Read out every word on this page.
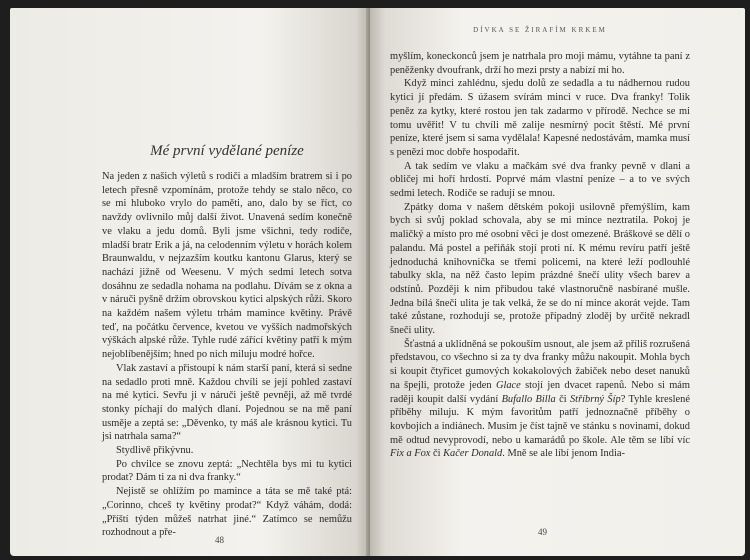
Mé první vydělané peníze

Na jeden z našich výletů s rodiči a mladším bratrem si i po letech přesně vzpomínám, protože tehdy se stalo něco, co se mi hluboko vrylo do paměti, ano, dalo by se říct, co navždy ovlivnilo můj další život. Unavená sedím konečně ve vlaku a jedu domů. Byli jsme všichni, tedy rodiče, mladší bratr Erik a já, na celodenním výletu v horách kolem Braunwaldu, v nejzazším koutku kantonu Glarus, který se nachází jižně od Weesenu. V mých sedmi letech sotva dosáhnu ze sedadla nohama na podlahu. Dívám se z okna a v náruči pyšně držím obrovskou kytici alpských růží. Skoro na každém našem výletu trhám mamince květiny. Právě teď, na počátku července, kvetou ve vyšších nadmořských výškách alpské růže. Tyhle rudé zářící květiny patří k mým nejoblíbenějším; hned po nich miluju modré hořce.

Vlak zastaví a přistoupí k nám starší paní, která si sedne na sedadlo proti mně. Každou chvíli se její pohled zastaví na mé kytici. Sevřu ji v náruči ještě pevněji, až mě tvrdé stonky píchají do malých dlaní. Pojednou se na mě paní usměje a zeptá se: „Děvenko, ty máš ale krásnou kytici. Tu jsi natrhala sama?“

Stydlivě přikývnu.

Po chvilce se znovu zeptá: „Nechtěla bys mi tu kytici prodat? Dám ti za ni dva franky.“

Nejistě se ohlížím po mamince a táta se mě také ptá: „Corinno, chceš ty květiny prodat?“ Když váhám, dodá: „Příští týden můžeš natrhat jiné.“ Zatímco se nemůžu rozhodnout a pře-

48
DÍVKA SE ŽIRAFÍM KRKEM

myšlím, koneckonců jsem je natrhala pro moji mámu, vytáhne ta paní z peněženky dvoufrank, drží ho mezi prsty a nabízí mi ho.

Když minci zahlédnu, sjedu dolů ze sedadla a tu nádhernou rudou kytici jí předám. S úžasem svírám minci v ruce. Dva franky! Tolik peněz za kytky, které rostou jen tak zadarmo v přírodě. Nechce se mi tomu uvěřit! V tu chvíli mě zalije nesmírný pocit štěstí. Mé první peníze, které jsem si sama vydělala! Kapesné nedostávám, mamka musí s penězi moc dobře hospodařit.

A tak sedím ve vlaku a mačkám své dva franky pevně v dlani a obličej mi hoří hrdostí. Poprvé mám vlastní peníze – a to ve svých sedmi letech. Rodiče se radují se mnou.

Zpátky doma v našem dětském pokoji usilovně přemýšlím, kam bych si svůj poklad schovala, aby se mi mince neztratila. Pokoj je maličký a místo pro mé osobní věci je dost omezené. Bráškové se dělí o palandu. Má postel a peřiňák stojí proti ní. K mému revíru patří ještě jednoduchá knihovnička se třemi policemi, na které leží podlouhlé tabulky skla, na něž často lepím prázdné šnečí ulity všech barev a odstínů. Později k nim přibudou také vlastnoručně nasbírané mušle. Jedna bílá šneči ulita je tak velká, že se do ní mince akorát vejde. Tam také zůstane, rozhodují se, protože případný zloděj by určitě nekradl šneči ulity.

Šťastná a uklidněná se pokouším usnout, ale jsem až příliš rozrušená představou, co všechno si za ty dva franky můžu nakoupit. Mohla bych si koupit čtyřicet gumových kokakolových žabiček nebo deset nanuků na špejli, protože jeden Glace stojí jen dvacet rapenů. Nebo si mám raději koupit další vydání Bufallo Billa či Stříbrný Šíp? Tyhle kreslené příběhy miluju. K mým favoritům patří jednoznačně příběhy o kovbojích a indiánech. Musím je číst tajně ve stánku s novinami, dokud mě odtud nevyprovodí, nebo u kamarádů po škole. Ale těm se líbí víc Fix a Fox či Kačer Donald. Mně se ale líbí jenom India-

49
